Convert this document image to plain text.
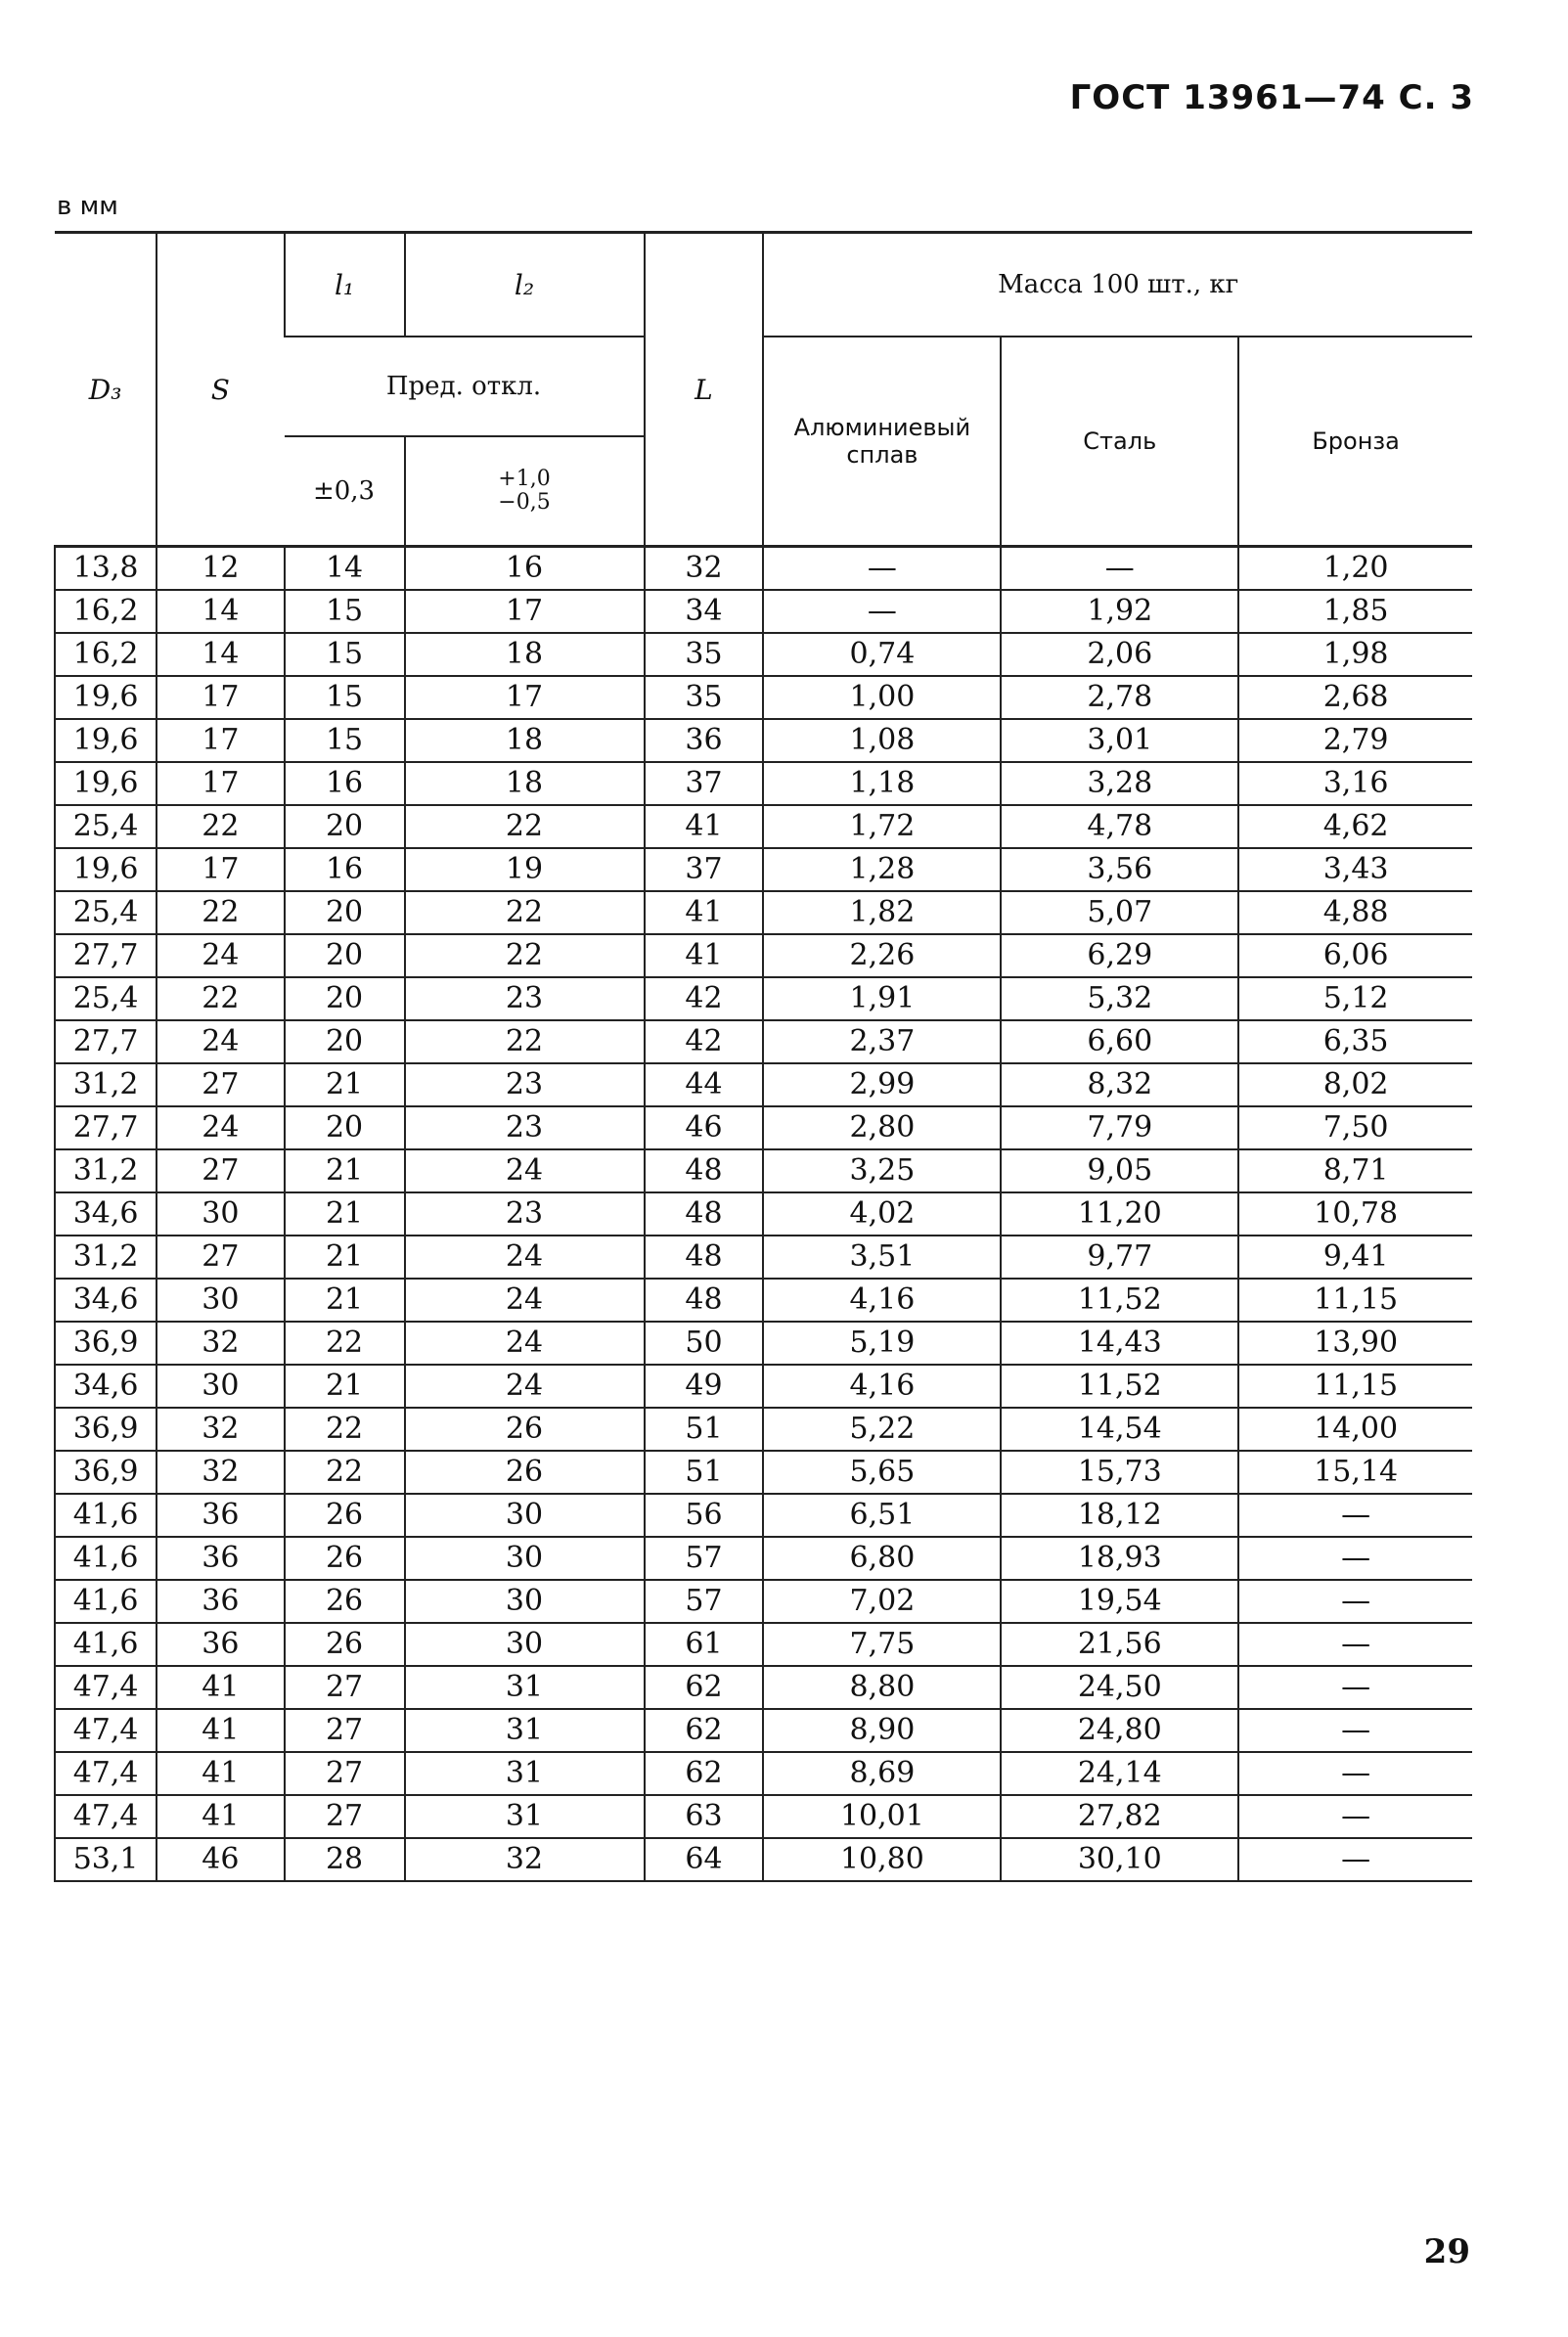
ГОСТ 13961—74 С. 3
в мм
D₃	S	l₁	l₂	L	Масса 100 шт., кг		
		Пред. откл.			Алюминиевый сплав	Сталь	Бронза
		±0,3	+1,0
−0,5				

13,8	12	14	16	32	—	—	1,20
16,2	14	15	17	34	—	1,92	1,85
16,2	14	15	18	35	0,74	2,06	1,98
19,6	17	15	17	35	1,00	2,78	2,68
19,6	17	15	18	36	1,08	3,01	2,79
19,6	17	16	18	37	1,18	3,28	3,16
25,4	22	20	22	41	1,72	4,78	4,62
19,6	17	16	19	37	1,28	3,56	3,43
25,4	22	20	22	41	1,82	5,07	4,88
27,7	24	20	22	41	2,26	6,29	6,06
25,4	22	20	23	42	1,91	5,32	5,12
27,7	24	20	22	42	2,37	6,60	6,35
31,2	27	21	23	44	2,99	8,32	8,02
27,7	24	20	23	46	2,80	7,79	7,50
31,2	27	21	24	48	3,25	9,05	8,71
34,6	30	21	23	48	4,02	11,20	10,78
31,2	27	21	24	48	3,51	9,77	9,41
34,6	30	21	24	48	4,16	11,52	11,15
36,9	32	22	24	50	5,19	14,43	13,90
34,6	30	21	24	49	4,16	11,52	11,15
36,9	32	22	26	51	5,22	14,54	14,00
36,9	32	22	26	51	5,65	15,73	15,14
41,6	36	26	30	56	6,51	18,12	—
41,6	36	26	30	57	6,80	18,93	—
41,6	36	26	30	57	7,02	19,54	—
41,6	36	26	30	61	7,75	21,56	—
47,4	41	27	31	62	8,80	24,50	—
47,4	41	27	31	62	8,90	24,80	—
47,4	41	27	31	62	8,69	24,14	—
47,4	41	27	31	63	10,01	27,82	—
53,1	46	28	32	64	10,80	30,10	—
29
